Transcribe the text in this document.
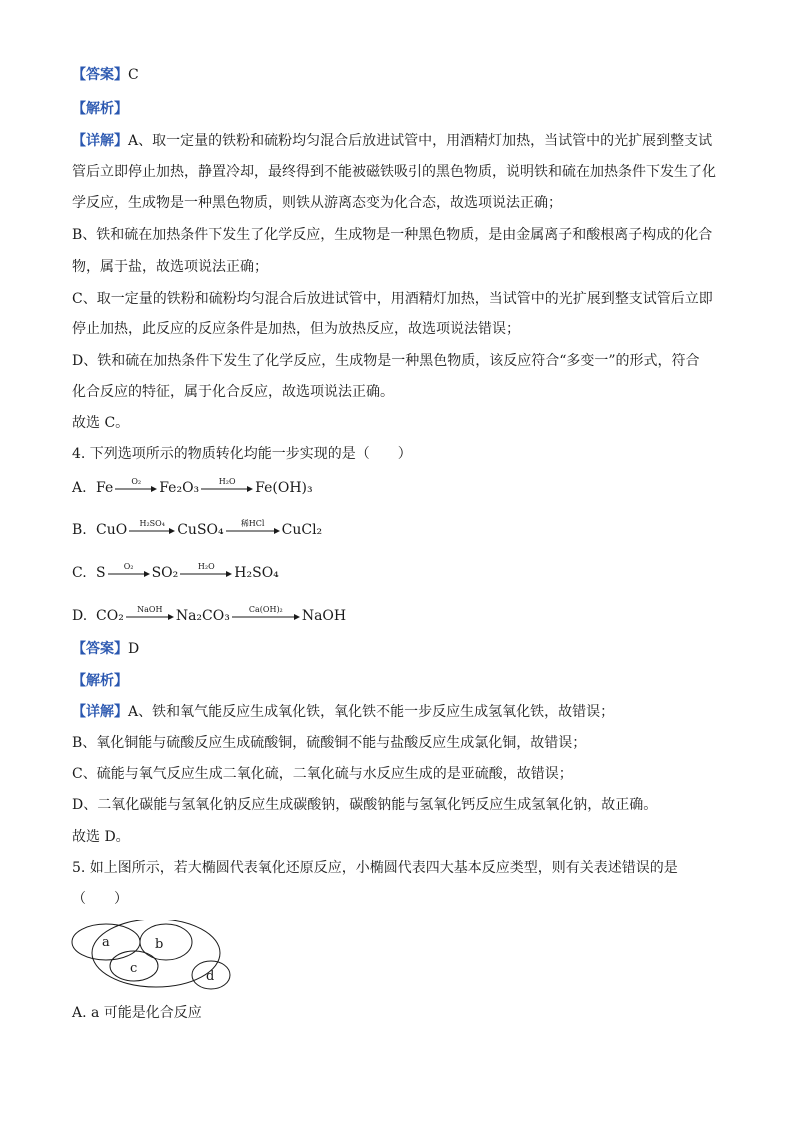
【答案】C
【解析】
【详解】A、取一定量的铁粉和硫粉均匀混合后放进试管中，用酒精灯加热，当试管中的光扩展到整支试
管后立即停止加热，静置冷却，最终得到不能被磁铁吸引的黑色物质，说明铁和硫在加热条件下发生了化
学反应，生成物是一种黑色物质，则铁从游离态变为化合态，故选项说法正确；
B、铁和硫在加热条件下发生了化学反应，生成物是一种黑色物质，是由金属离子和酸根离子构成的化合
物，属于盐，故选项说法正确；
C、取一定量的铁粉和硫粉均匀混合后放进试管中，用酒精灯加热，当试管中的光扩展到整支试管后立即
停止加热，此反应的反应条件是加热，但为放热反应，故选项说法错误；
D、铁和硫在加热条件下发生了化学反应，生成物是一种黑色物质，该反应符合“多变一”的形式，符合
化合反应的特征，属于化合反应，故选项说法正确。
故选 C。
4. 下列选项所示的物质转化均能一步实现的是（　　）
A. Fe O₂ Fe₂O₃ H₂O Fe(OH)₃
B. CuO H₂SO₄ CuSO₄ 稀HCl CuCl₂
C. S O₂ SO₂ H₂O H₂SO₄
D. CO₂ NaOH Na₂CO₃ Ca(OH)₂ NaOH
【答案】D
【解析】
【详解】A、铁和氧气能反应生成氧化铁，氧化铁不能一步反应生成氢氧化铁，故错误；
B、氧化铜能与硫酸反应生成硫酸铜，硫酸铜不能与盐酸反应生成氯化铜，故错误；
C、硫能与氧气反应生成二氧化硫，二氧化硫与水反应生成的是亚硫酸，故错误；
D、二氧化碳能与氢氧化钠反应生成碳酸钠，碳酸钠能与氢氧化钙反应生成氢氧化钠，故正确。
故选 D。
5. 如上图所示，若大椭圆代表氧化还原反应，小椭圆代表四大基本反应类型，则有关表述错误的是
（　　）
a	b
c
d
A. a 可能是化合反应
